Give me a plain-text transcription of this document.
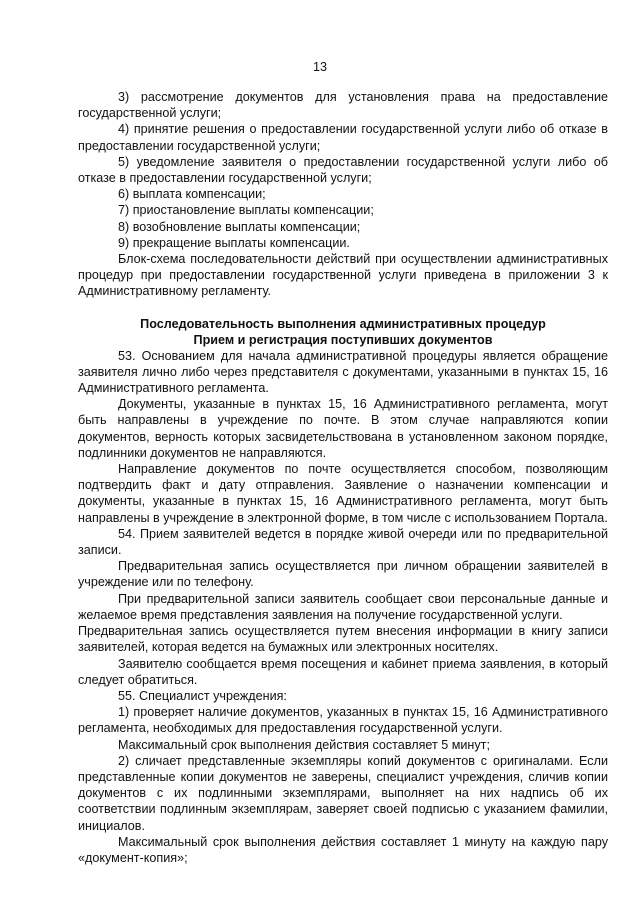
13

3) рассмотрение документов для установления права на предоставление государственной услуги;

4) принятие решения о предоставлении государственной услуги либо об отказе в предоставлении государственной услуги;

5) уведомление заявителя о предоставлении государственной услуги либо об отказе в предоставлении государственной услуги;

6) выплата компенсации;

7) приостановление выплаты компенсации;

8) возобновление выплаты компенсации;

9) прекращение выплаты компенсации.

Блок-схема последовательности действий при осуществлении административных процедур при предоставлении государственной услуги приведена в приложении 3 к Административному регламенту.

Последовательность выполнения административных процедур
Прием и регистрация поступивших документов

53. Основанием для начала административной процедуры является обращение заявителя лично либо через представителя с документами, указанными в пунктах 15, 16 Административного регламента.

Документы, указанные в пунктах 15, 16 Административного регламента, могут быть направлены в учреждение по почте. В этом случае направляются копии документов, верность которых засвидетельствована в установленном законом порядке, подлинники документов не направляются.

Направление документов по почте осуществляется способом, позволяющим подтвердить факт и дату отправления. Заявление о назначении компенсации и документы, указанные в пунктах 15, 16 Административного регламента, могут быть направлены в учреждение в электронной форме, в том числе с использованием Портала.

54. Прием заявителей ведется в порядке живой очереди или по предварительной записи.

Предварительная запись осуществляется при личном обращении заявителей в учреждение или по телефону.

При предварительной записи заявитель сообщает свои персональные данные и желаемое время представления заявления на получение государственной услуги.

Предварительная запись осуществляется путем внесения информации в книгу записи заявителей, которая ведется на бумажных или электронных носителях.

Заявителю сообщается время посещения и кабинет приема заявления, в который следует обратиться.

55. Специалист учреждения:

1) проверяет наличие документов, указанных в пунктах 15, 16 Административного регламента, необходимых для предоставления государственной услуги.

Максимальный срок выполнения действия составляет 5 минут;

2) сличает представленные экземпляры копий документов с оригиналами. Если представленные копии документов не заверены, специалист учреждения, сличив копии документов с их подлинными экземплярами, выполняет на них надпись об их соответствии подлинным экземплярам, заверяет своей подписью с указанием фамилии, инициалов.

Максимальный срок выполнения действия составляет 1 минуту на каждую пару «документ-копия»;
